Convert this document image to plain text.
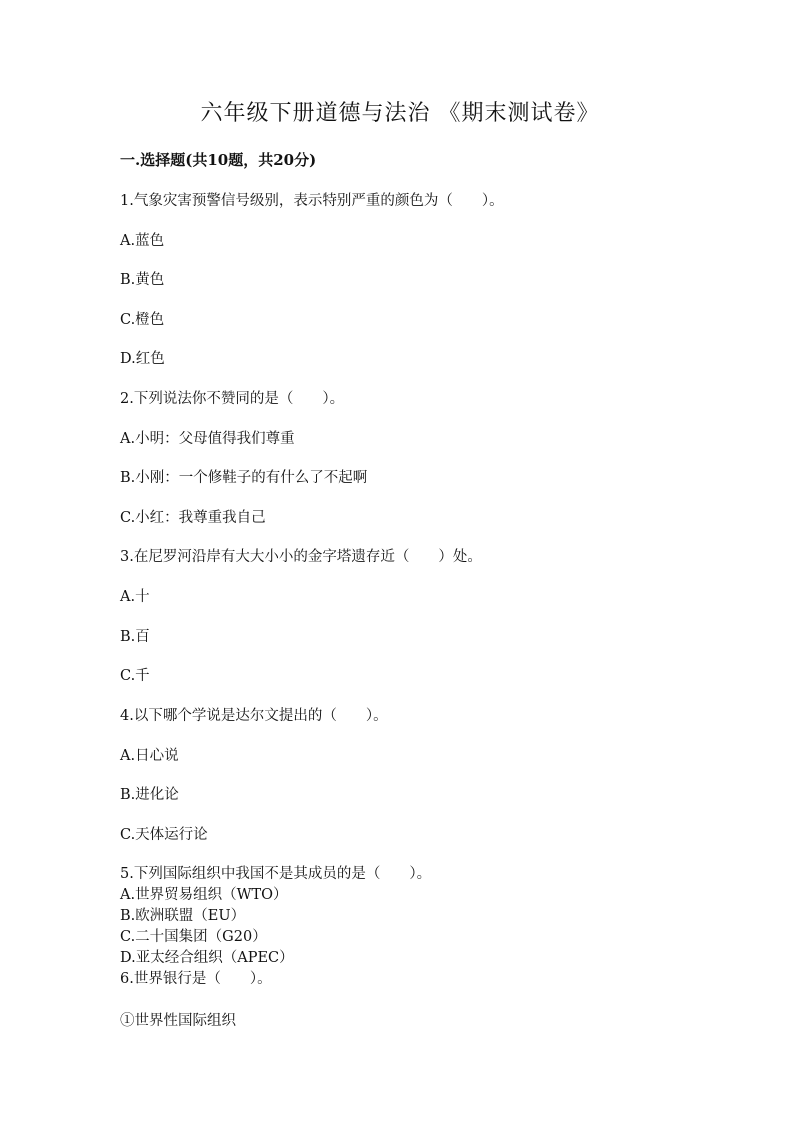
六年级下册道德与法治 《期末测试卷》
一.选择题(共10题，共20分)
1.气象灾害预警信号级别，表示特别严重的颜色为（　　）。
A.蓝色
B.黄色
C.橙色
D.红色
2.下列说法你不赞同的是（　　）。
A.小明：父母值得我们尊重
B.小刚：一个修鞋子的有什么了不起啊
C.小红：我尊重我自己
3.在尼罗河沿岸有大大小小的金字塔遗存近（　　）处。
A.十
B.百
C.千
4.以下哪个学说是达尔文提出的（　　）。
A.日心说
B.进化论
C.天体运行论
5.下列国际组织中我国不是其成员的是（　　）。
A.世界贸易组织（WTO）
B.欧洲联盟（EU）
C.二十国集团（G20）
D.亚太经合组织（APEC）
6.世界银行是（　　）。
①世界性国际组织
